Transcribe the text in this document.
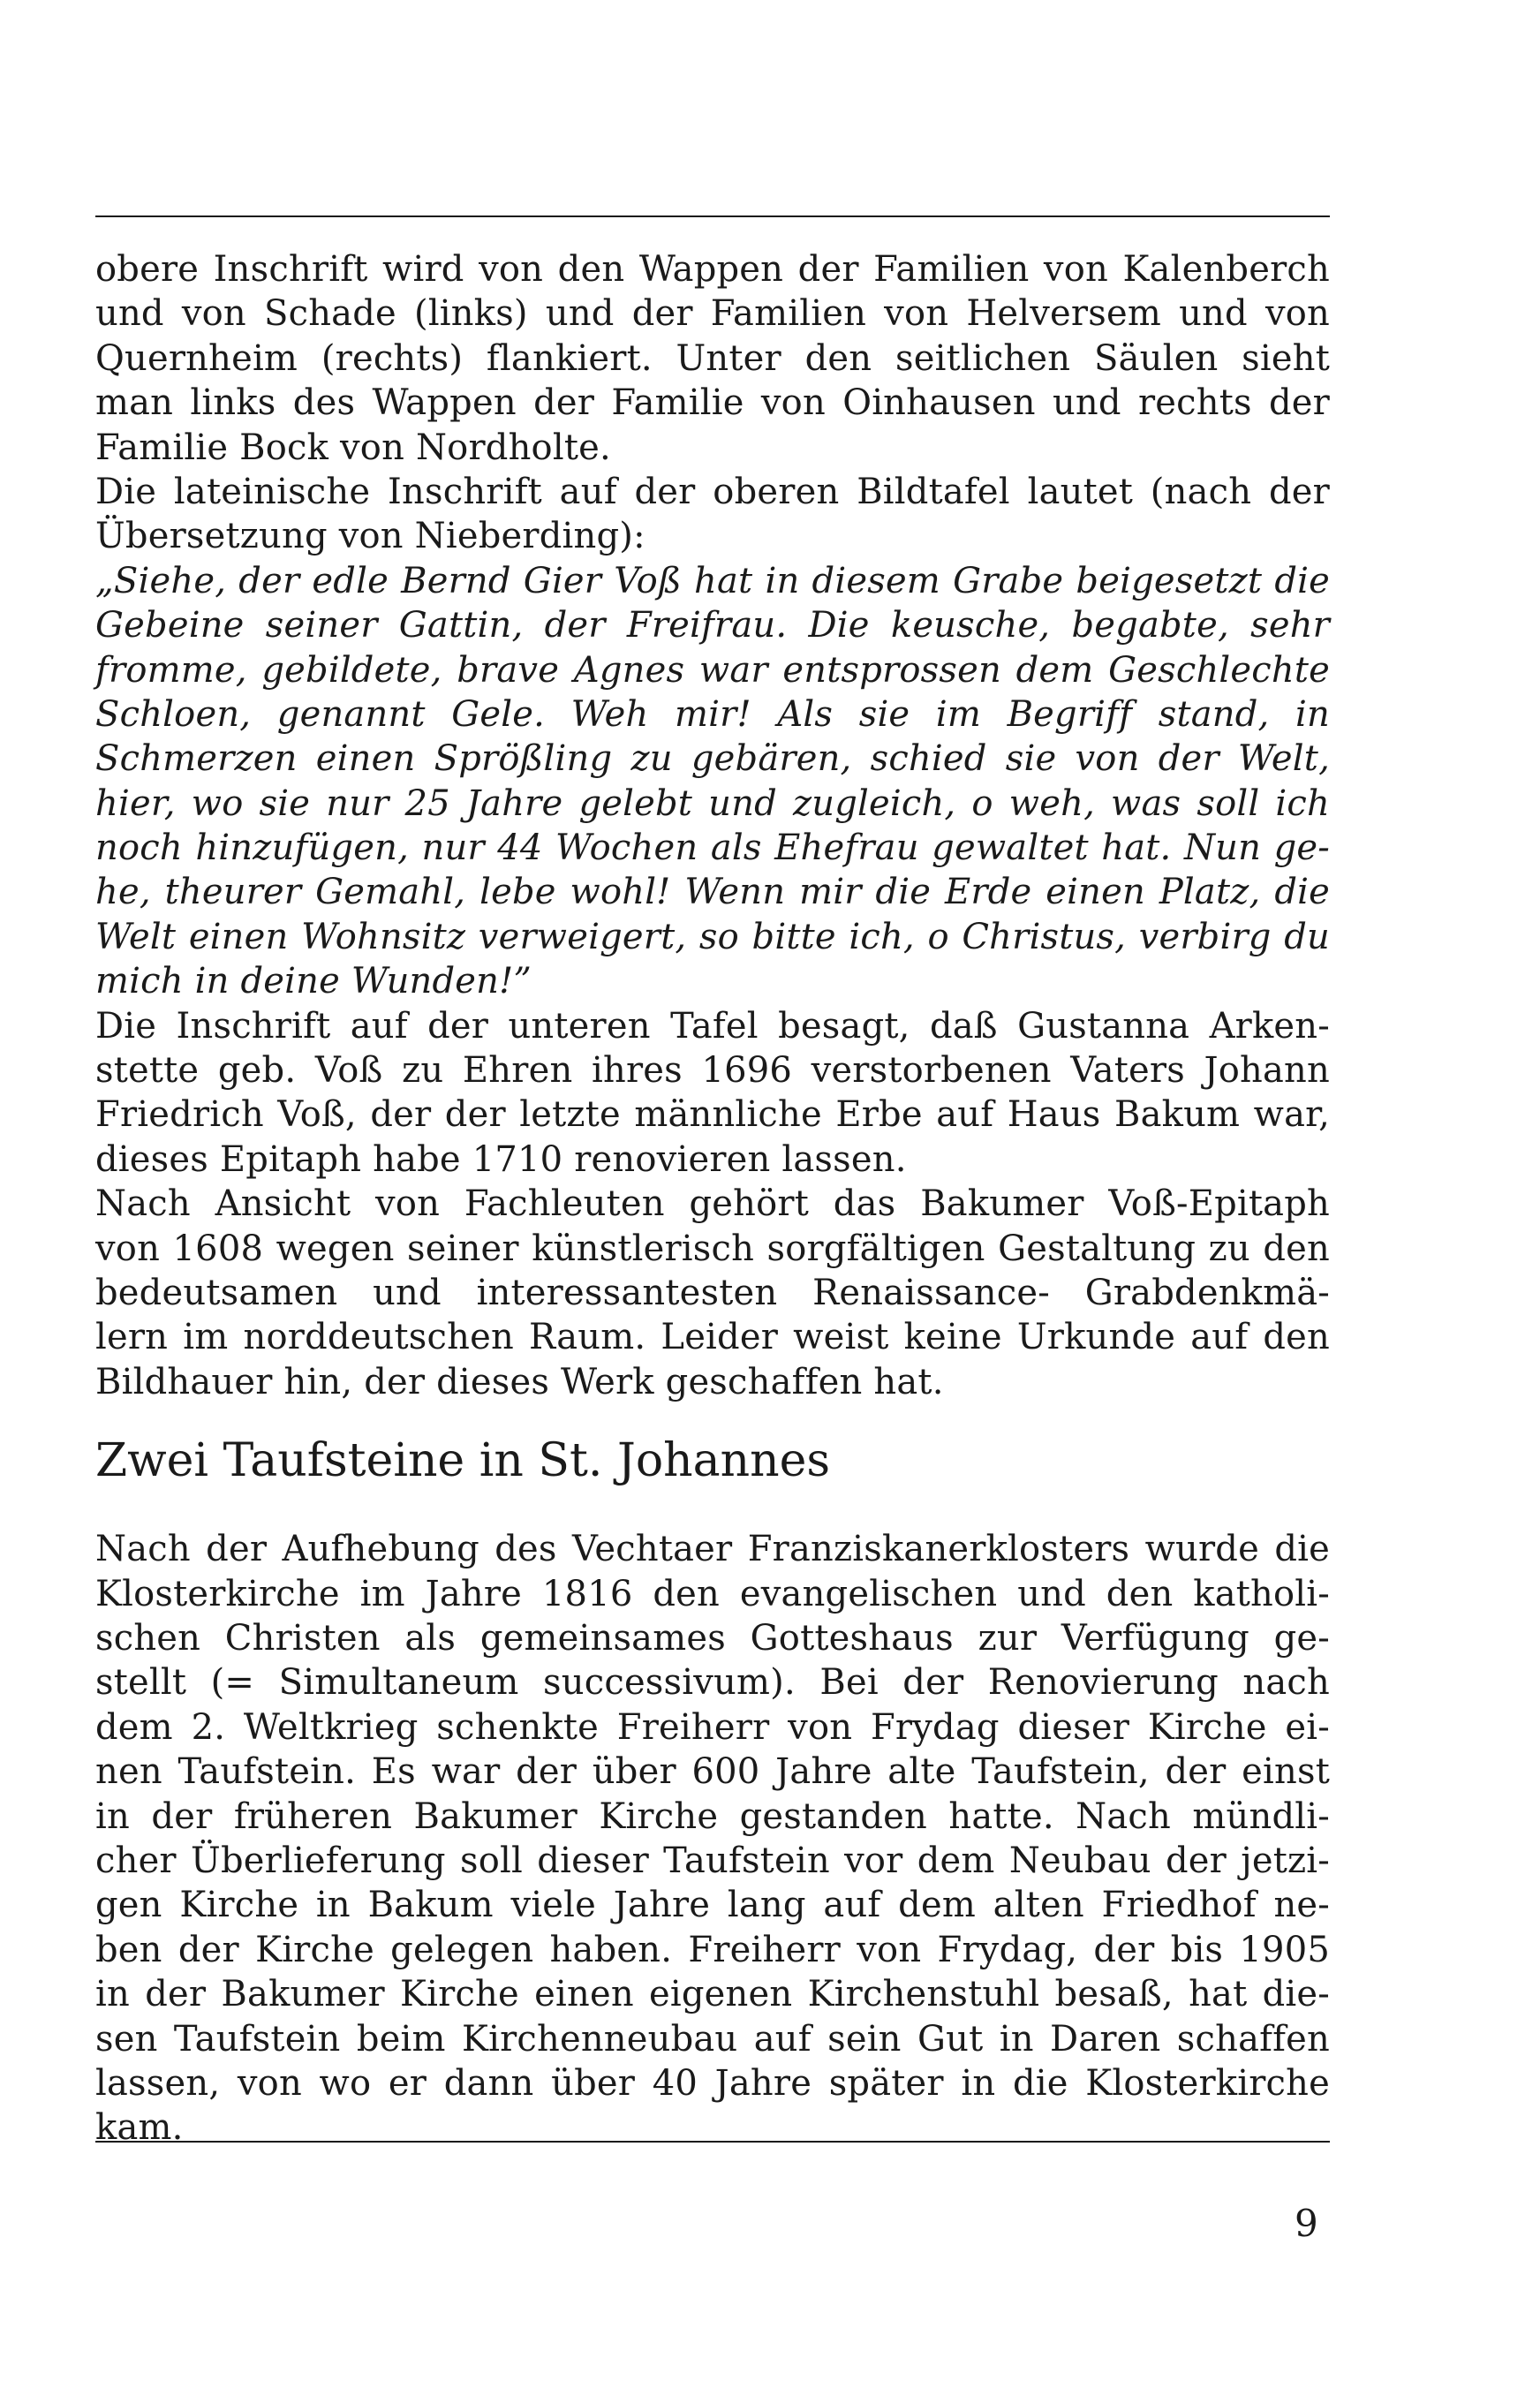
obere Inschrift wird von den Wappen der Familien von Kalenberch
und von Schade (links) und der Familien von Helversem und von
Quernheim (rechts) flankiert. Unter den seitlichen Säulen sieht
man links des Wappen der Familie von Oinhausen und rechts der
Familie Bock von Nordholte.
Die lateinische Inschrift auf der oberen Bildtafel lautet (nach der
Übersetzung von Nieberding):
„Siehe, der edle Bernd Gier Voß hat in diesem Grabe beigesetzt die
Gebeine seiner Gattin, der Freifrau. Die keusche, begabte, sehr
fromme, gebildete, brave Agnes war entsprossen dem Geschlechte
Schloen, genannt Gele. Weh mir! Als sie im Begriff stand, in
Schmerzen einen Sprößling zu gebären, schied sie von der Welt,
hier, wo sie nur 25 Jahre gelebt und zugleich, o weh, was soll ich
noch hinzufügen, nur 44 Wochen als Ehefrau gewaltet hat. Nun ge-
he, theurer Gemahl, lebe wohl! Wenn mir die Erde einen Platz, die
Welt einen Wohnsitz verweigert, so bitte ich, o Christus, verbirg du
mich in deine Wunden!”
Die Inschrift auf der unteren Tafel besagt, daß Gustanna Arken-
stette geb. Voß zu Ehren ihres 1696 verstorbenen Vaters Johann
Friedrich Voß, der der letzte männliche Erbe auf Haus Bakum war,
dieses Epitaph habe 1710 renovieren lassen.
Nach Ansicht von Fachleuten gehört das Bakumer Voß-Epitaph
von 1608 wegen seiner künstlerisch sorgfältigen Gestaltung zu den
bedeutsamen und interessantesten Renaissance- Grabdenkmä-
lern im norddeutschen Raum. Leider weist keine Urkunde auf den
Bildhauer hin, der dieses Werk geschaffen hat.
Zwei Taufsteine in St. Johannes
Nach der Aufhebung des Vechtaer Franziskanerklosters wurde die
Klosterkirche im Jahre 1816 den evangelischen und den katholi-
schen Christen als gemeinsames Gotteshaus zur Verfügung ge-
stellt (= Simultaneum successivum). Bei der Renovierung nach
dem 2. Weltkrieg schenkte Freiherr von Frydag dieser Kirche ei-
nen Taufstein. Es war der über 600 Jahre alte Taufstein, der einst
in der früheren Bakumer Kirche gestanden hatte. Nach mündli-
cher Überlieferung soll dieser Taufstein vor dem Neubau der jetzi-
gen Kirche in Bakum viele Jahre lang auf dem alten Friedhof ne-
ben der Kirche gelegen haben. Freiherr von Frydag, der bis 1905
in der Bakumer Kirche einen eigenen Kirchenstuhl besaß, hat die-
sen Taufstein beim Kirchenneubau auf sein Gut in Daren schaffen
lassen, von wo er dann über 40 Jahre später in die Klosterkirche
kam.
9
